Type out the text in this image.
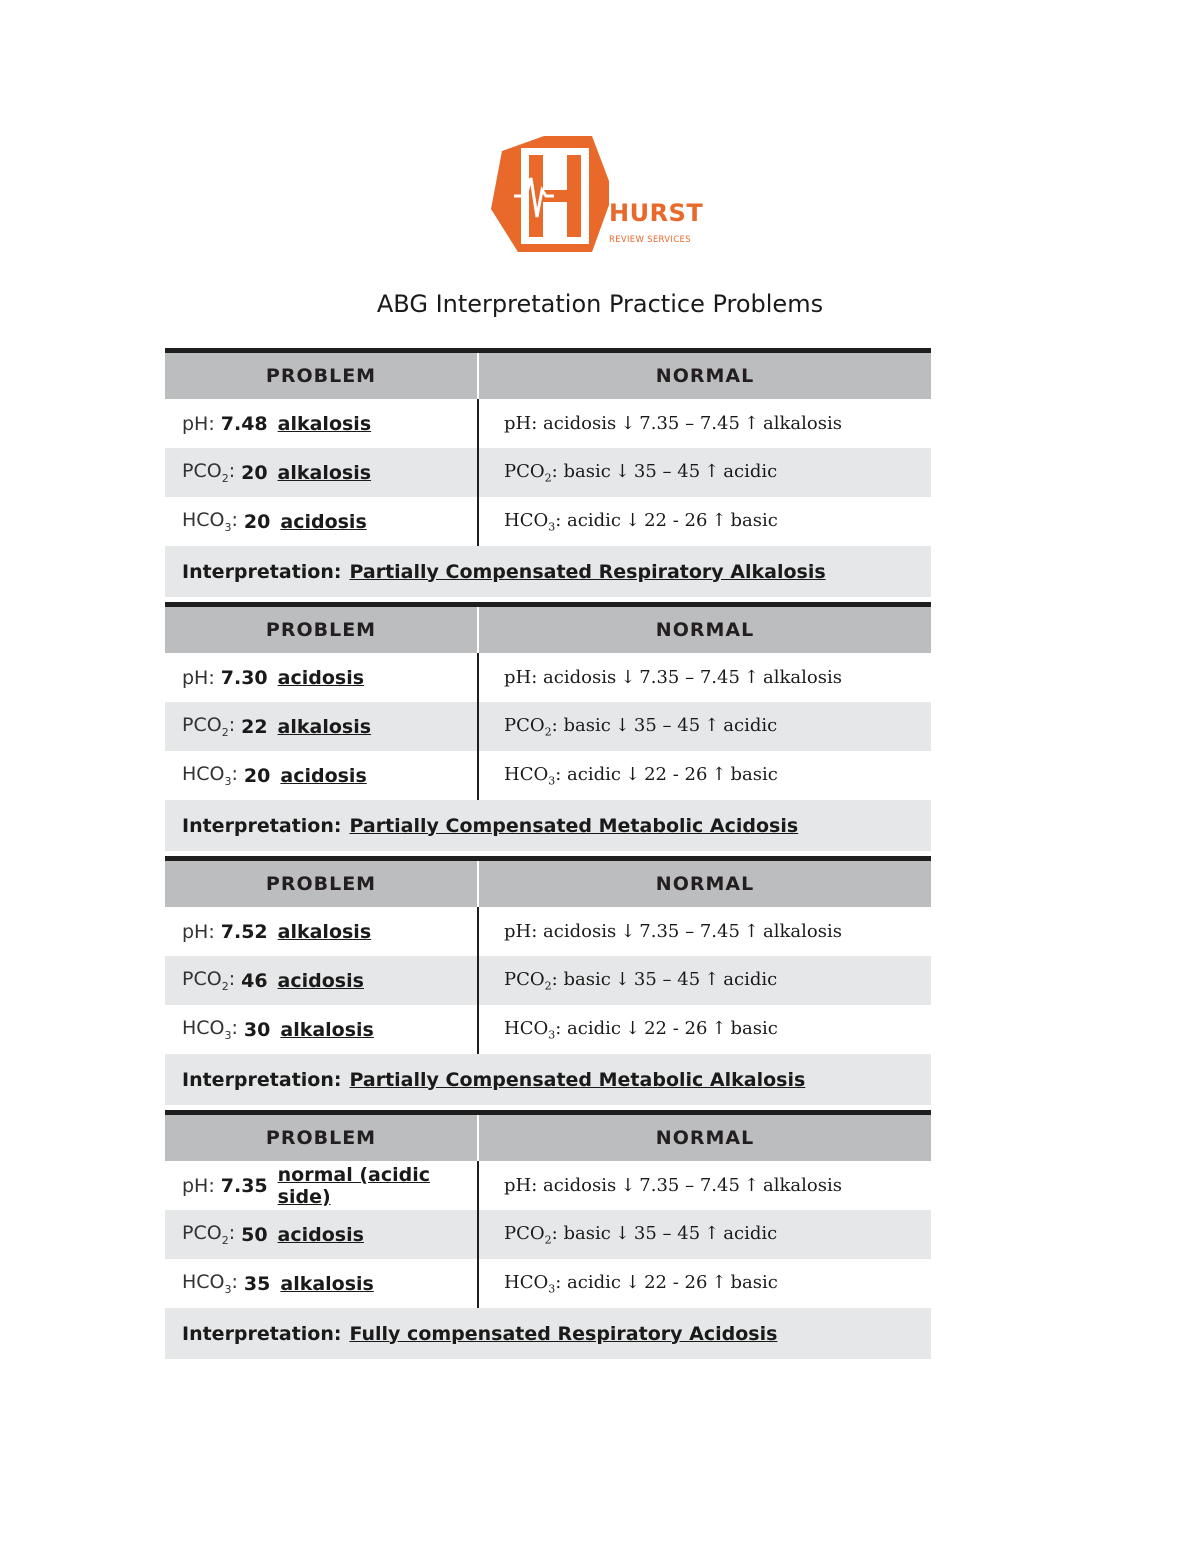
HURST
REVIEW SERVICES
ABG Interpretation Practice Problems
PROBLEM	NORMAL
pH: 7.48 alkalosis	pH: acidosis ↓ 7.35 – 7.45 ↑ alkalosis
$PCO_2$: 20 alkalosis	$PCO_2$: basic ↓ 35 – 45 ↑ acidic
$HCO_3$: 20 acidosis	$HCO_3$: acidic ↓ 22 - 26 ↑ basic
Interpretation: Partially Compensated Respiratory Alkalosis
PROBLEM	NORMAL
pH: 7.30 acidosis	pH: acidosis ↓ 7.35 – 7.45 ↑ alkalosis
$PCO_2$: 22 alkalosis	$PCO_2$: basic ↓ 35 – 45 ↑ acidic
$HCO_3$: 20 acidosis	$HCO_3$: acidic ↓ 22 - 26 ↑ basic
Interpretation: Partially Compensated Metabolic Acidosis
PROBLEM	NORMAL
pH: 7.52 alkalosis	pH: acidosis ↓ 7.35 – 7.45 ↑ alkalosis
$PCO_2$: 46 acidosis	$PCO_2$: basic ↓ 35 – 45 ↑ acidic
$HCO_3$: 30 alkalosis	$HCO_3$: acidic ↓ 22 - 26 ↑ basic
Interpretation: Partially Compensated Metabolic Alkalosis
PROBLEM	NORMAL
pH: 7.35 normal (acidic side)	pH: acidosis ↓ 7.35 – 7.45 ↑ alkalosis
$PCO_2$: 50 acidosis	$PCO_2$: basic ↓ 35 – 45 ↑ acidic
$HCO_3$: 35 alkalosis	$HCO_3$: acidic ↓ 22 - 26 ↑ basic
Interpretation: Fully compensated Respiratory Acidosis
